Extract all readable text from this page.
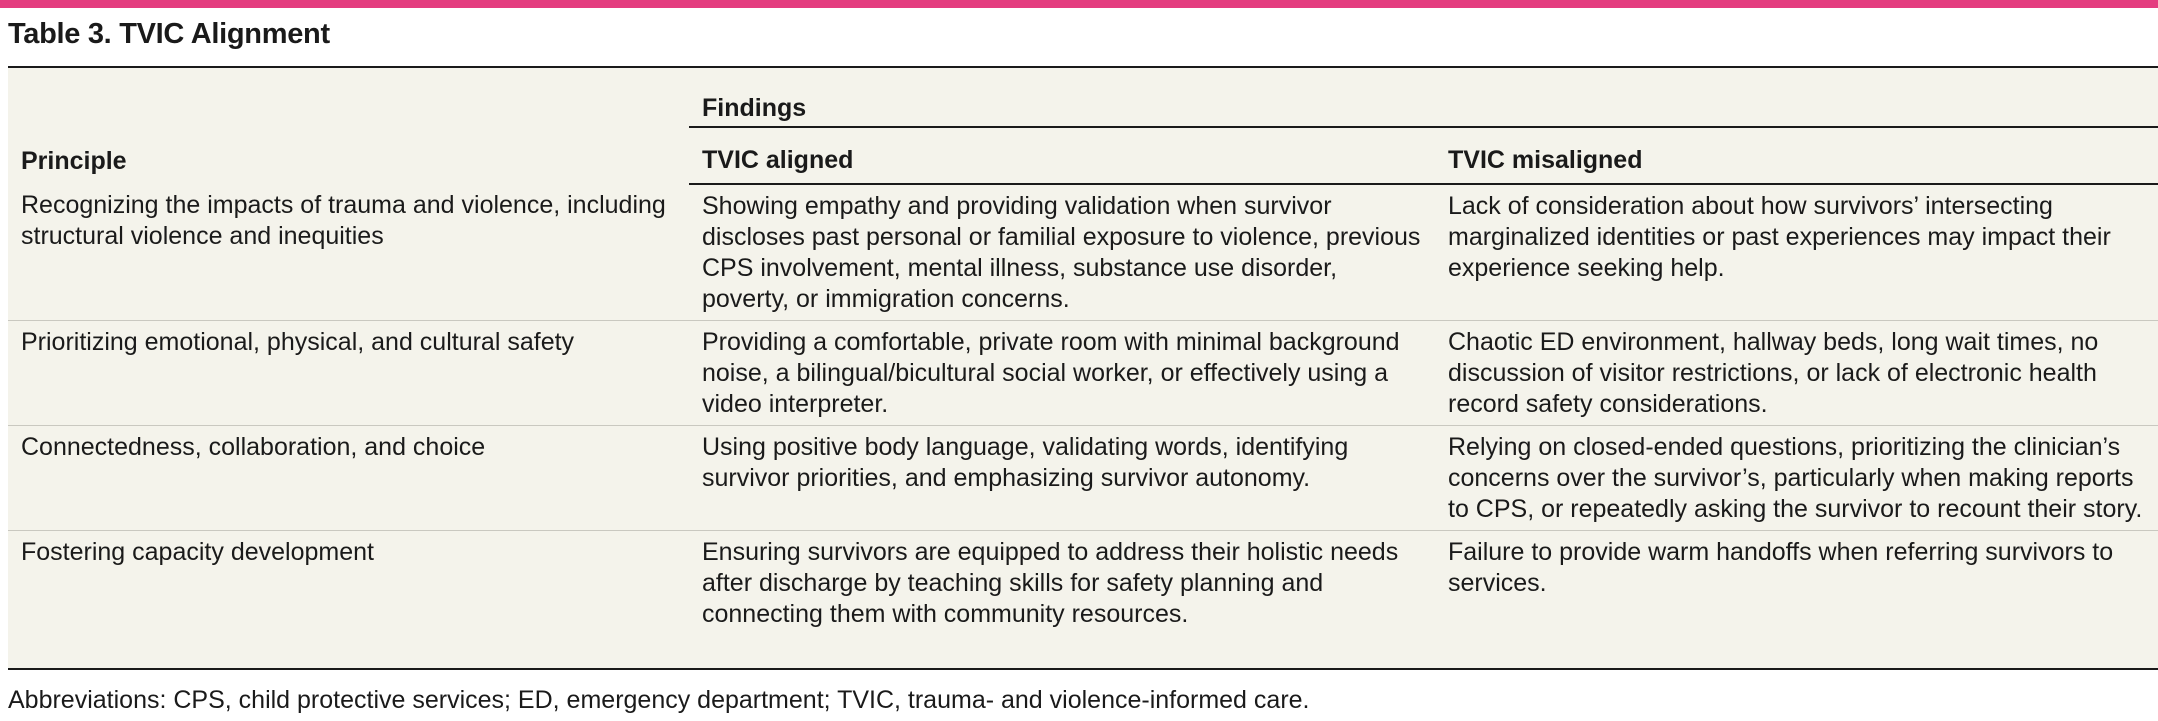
Table 3. TVIC Alignment
Principle	Findings	
	TVIC aligned	TVIC misaligned
Recognizing the impacts of trauma and violence, including structural violence and inequities	Showing empathy and providing validation when survivor discloses past personal or familial exposure to violence, previous CPS involvement, mental illness, substance use disorder, poverty, or immigration concerns.	Lack of consideration about how survivors’ intersecting marginalized identities or past experiences may impact their experience seeking help.
Prioritizing emotional, physical, and cultural safety	Providing a comfortable, private room with minimal background noise, a bilingual/bicultural social worker, or effectively using a video interpreter.	Chaotic ED environment, hallway beds, long wait times, no discussion of visitor restrictions, or lack of electronic health record safety considerations.
Connectedness, collaboration, and choice	Using positive body language, validating words, identifying survivor priorities, and emphasizing survivor autonomy.	Relying on closed-ended questions, prioritizing the clinician’s concerns over the survivor’s, particularly when making reports to CPS, or repeatedly asking the survivor to recount their story.
Fostering capacity development	Ensuring survivors are equipped to address their holistic needs after discharge by teaching skills for safety planning and connecting them with community resources.	Failure to provide warm handoffs when referring survivors to services.
Abbreviations: CPS, child protective services; ED, emergency department; TVIC, trauma- and violence-informed care.
